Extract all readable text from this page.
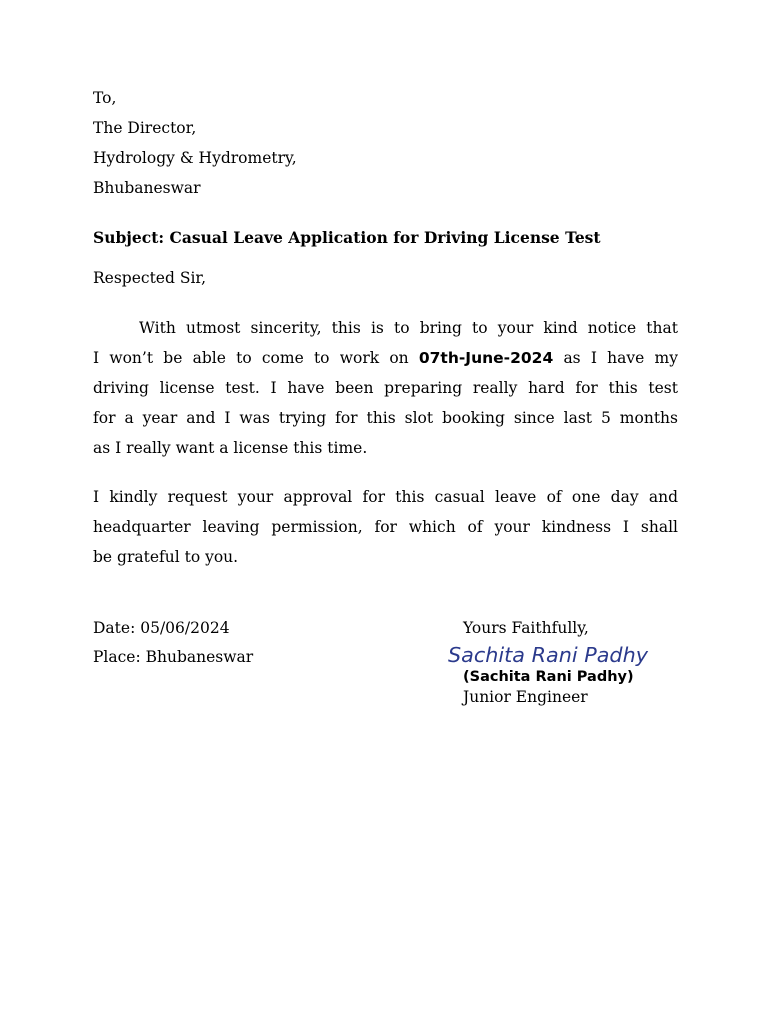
To,
The Director,
Hydrology & Hydrometry,
Bhubaneswar
Subject: Casual Leave Application for Driving License Test
Respected Sir,
With utmost sincerity, this is to bring to your kind notice that
I won’t be able to come to work on 07th-June-2024 as I have my
driving license test. I have been preparing really hard for this test
for a year and I was trying for this slot booking since last 5 months
as I really want a license this time.
I kindly request your approval for this casual leave of one day and
headquarter leaving permission, for which of your kindness I shall
be grateful to you.
Date: 05/06/2024
Place: Bhubaneswar
Yours Faithfully,
Sachita Rani Padhy
(Sachita Rani Padhy)
Junior Engineer
